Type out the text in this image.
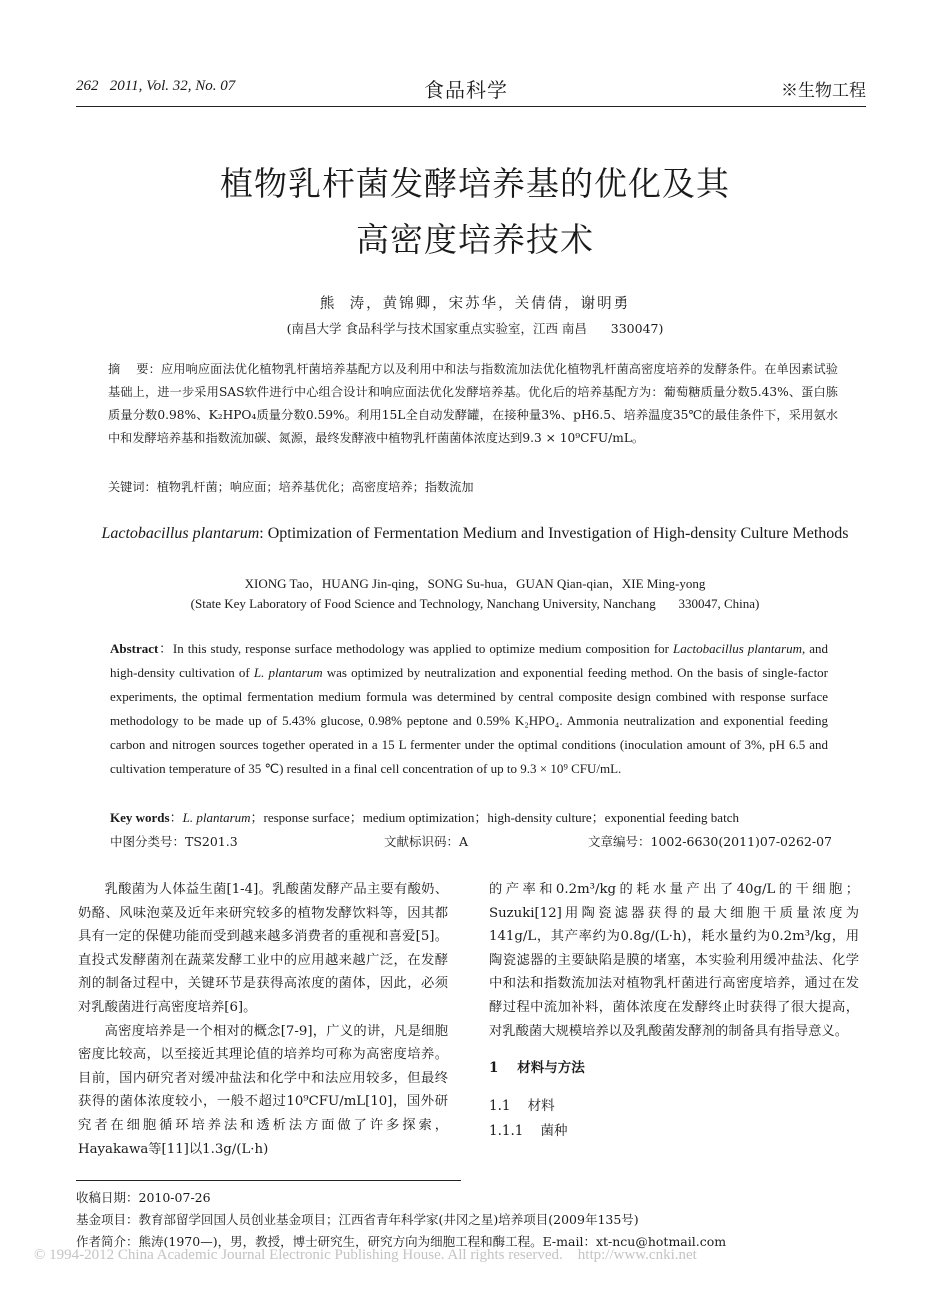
262   2011, Vol. 32, No. 07	食品科学	※生物工程
植物乳杆菌发酵培养基的优化及其
高密度培养技术
熊  涛，黄锦卿，宋苏华，关倩倩，谢明勇
(南昌大学 食品科学与技术国家重点实验室，江西 南昌      330047)
摘    要：应用响应面法优化植物乳杆菌培养基配方以及利用中和法与指数流加法优化植物乳杆菌高密度培养的发酵条件。在单因素试验基础上，进一步采用SAS软件进行中心组合设计和响应面法优化发酵培养基。优化后的培养基配方为：葡萄糖质量分数5.43%、蛋白胨质量分数0.98%、K₂HPO₄质量分数0.59%。利用15L全自动发酵罐，在接种量3%、pH6.5、培养温度35℃的最佳条件下，采用氨水中和发酵培养基和指数流加碳、氮源，最终发酵液中植物乳杆菌菌体浓度达到9.3 × 10⁹CFU/mL。
关键词：植物乳杆菌；响应面；培养基优化；高密度培养；指数流加
Lactobacillus plantarum: Optimization of Fermentation Medium and Investigation of High-density Culture Methods
XIONG Tao，HUANG Jin-qing，SONG Su-hua，GUAN Qian-qian，XIE Ming-yong
(State Key Laboratory of Food Science and Technology, Nanchang University, Nanchang       330047, China)
Abstract：In this study, response surface methodology was applied to optimize medium composition for Lactobacillus plantarum, and high-density cultivation of L. plantarum was optimized by neutralization and exponential feeding method. On the basis of single-factor experiments, the optimal fermentation medium formula was determined by central composite design combined with response surface methodology to be made up of 5.43% glucose, 0.98% peptone and 0.59% K₂HPO₄. Ammonia neutralization and exponential feeding carbon and nitrogen sources together operated in a 15 L fermenter under the optimal conditions (inoculation amount of 3%, pH 6.5 and cultivation temperature of 35 ℃) resulted in a final cell concentration of up to 9.3 × 10⁹ CFU/mL.
Key words：L. plantarum；response surface；medium optimization；high-density culture；exponential feeding batch
中图分类号：TS201.3	文献标识码：A	文章编号：1002-6630(2011)07-0262-07

乳酸菌为人体益生菌[1-4]。乳酸菌发酵产品主要有酸奶、奶酪、风味泡菜及近年来研究较多的植物发酵饮料等，因其都具有一定的保健功能而受到越来越多消费者的重视和喜爱[5]。直投式发酵菌剂在蔬菜发酵工业中的应用越来越广泛，在发酵剂的制备过程中，关键环节是获得高浓度的菌体，因此，必须对乳酸菌进行高密度培养[6]。

高密度培养是一个相对的概念[7-9]，广义的讲，凡是细胞密度比较高，以至接近其理论值的培养均可称为高密度培养。目前，国内研究者对缓冲盐法和化学中和法应用较多，但最终获得的菌体浓度较小，一般不超过10⁹CFU/mL[10]，国外研究者在细胞循环培养法和透析法方面做了许多探索，Hayakawa等[11]以1.3g/(L·h)

的产率和0.2m³/kg的耗水量产出了40g/L的干细胞；Suzuki[12]用陶瓷滤器获得的最大细胞干质量浓度为141g/L，其产率约为0.8g/(L·h)，耗水量约为0.2m³/kg，用陶瓷滤器的主要缺陷是膜的堵塞，本实验利用缓冲盐法、化学中和法和指数流加法对植物乳杆菌进行高密度培养，通过在发酵过程中流加补料，菌体浓度在发酵终止时获得了很大提高，对乳酸菌大规模培养以及乳酸菌发酵剂的制备具有指导意义。

1    材料与方法
1.1    材料
1.1.1    菌种
收稿日期：2010-07-26
基金项目：教育部留学回国人员创业基金项目；江西省青年科学家(井冈之星)培养项目(2009年135号)
作者简介：熊涛(1970—)，男，教授，博士研究生，研究方向为细胞工程和酶工程。E-mail：xt-ncu@hotmail.com
© 1994-2012 China Academic Journal Electronic Publishing House. All rights reserved.    http://www.cnki.net
